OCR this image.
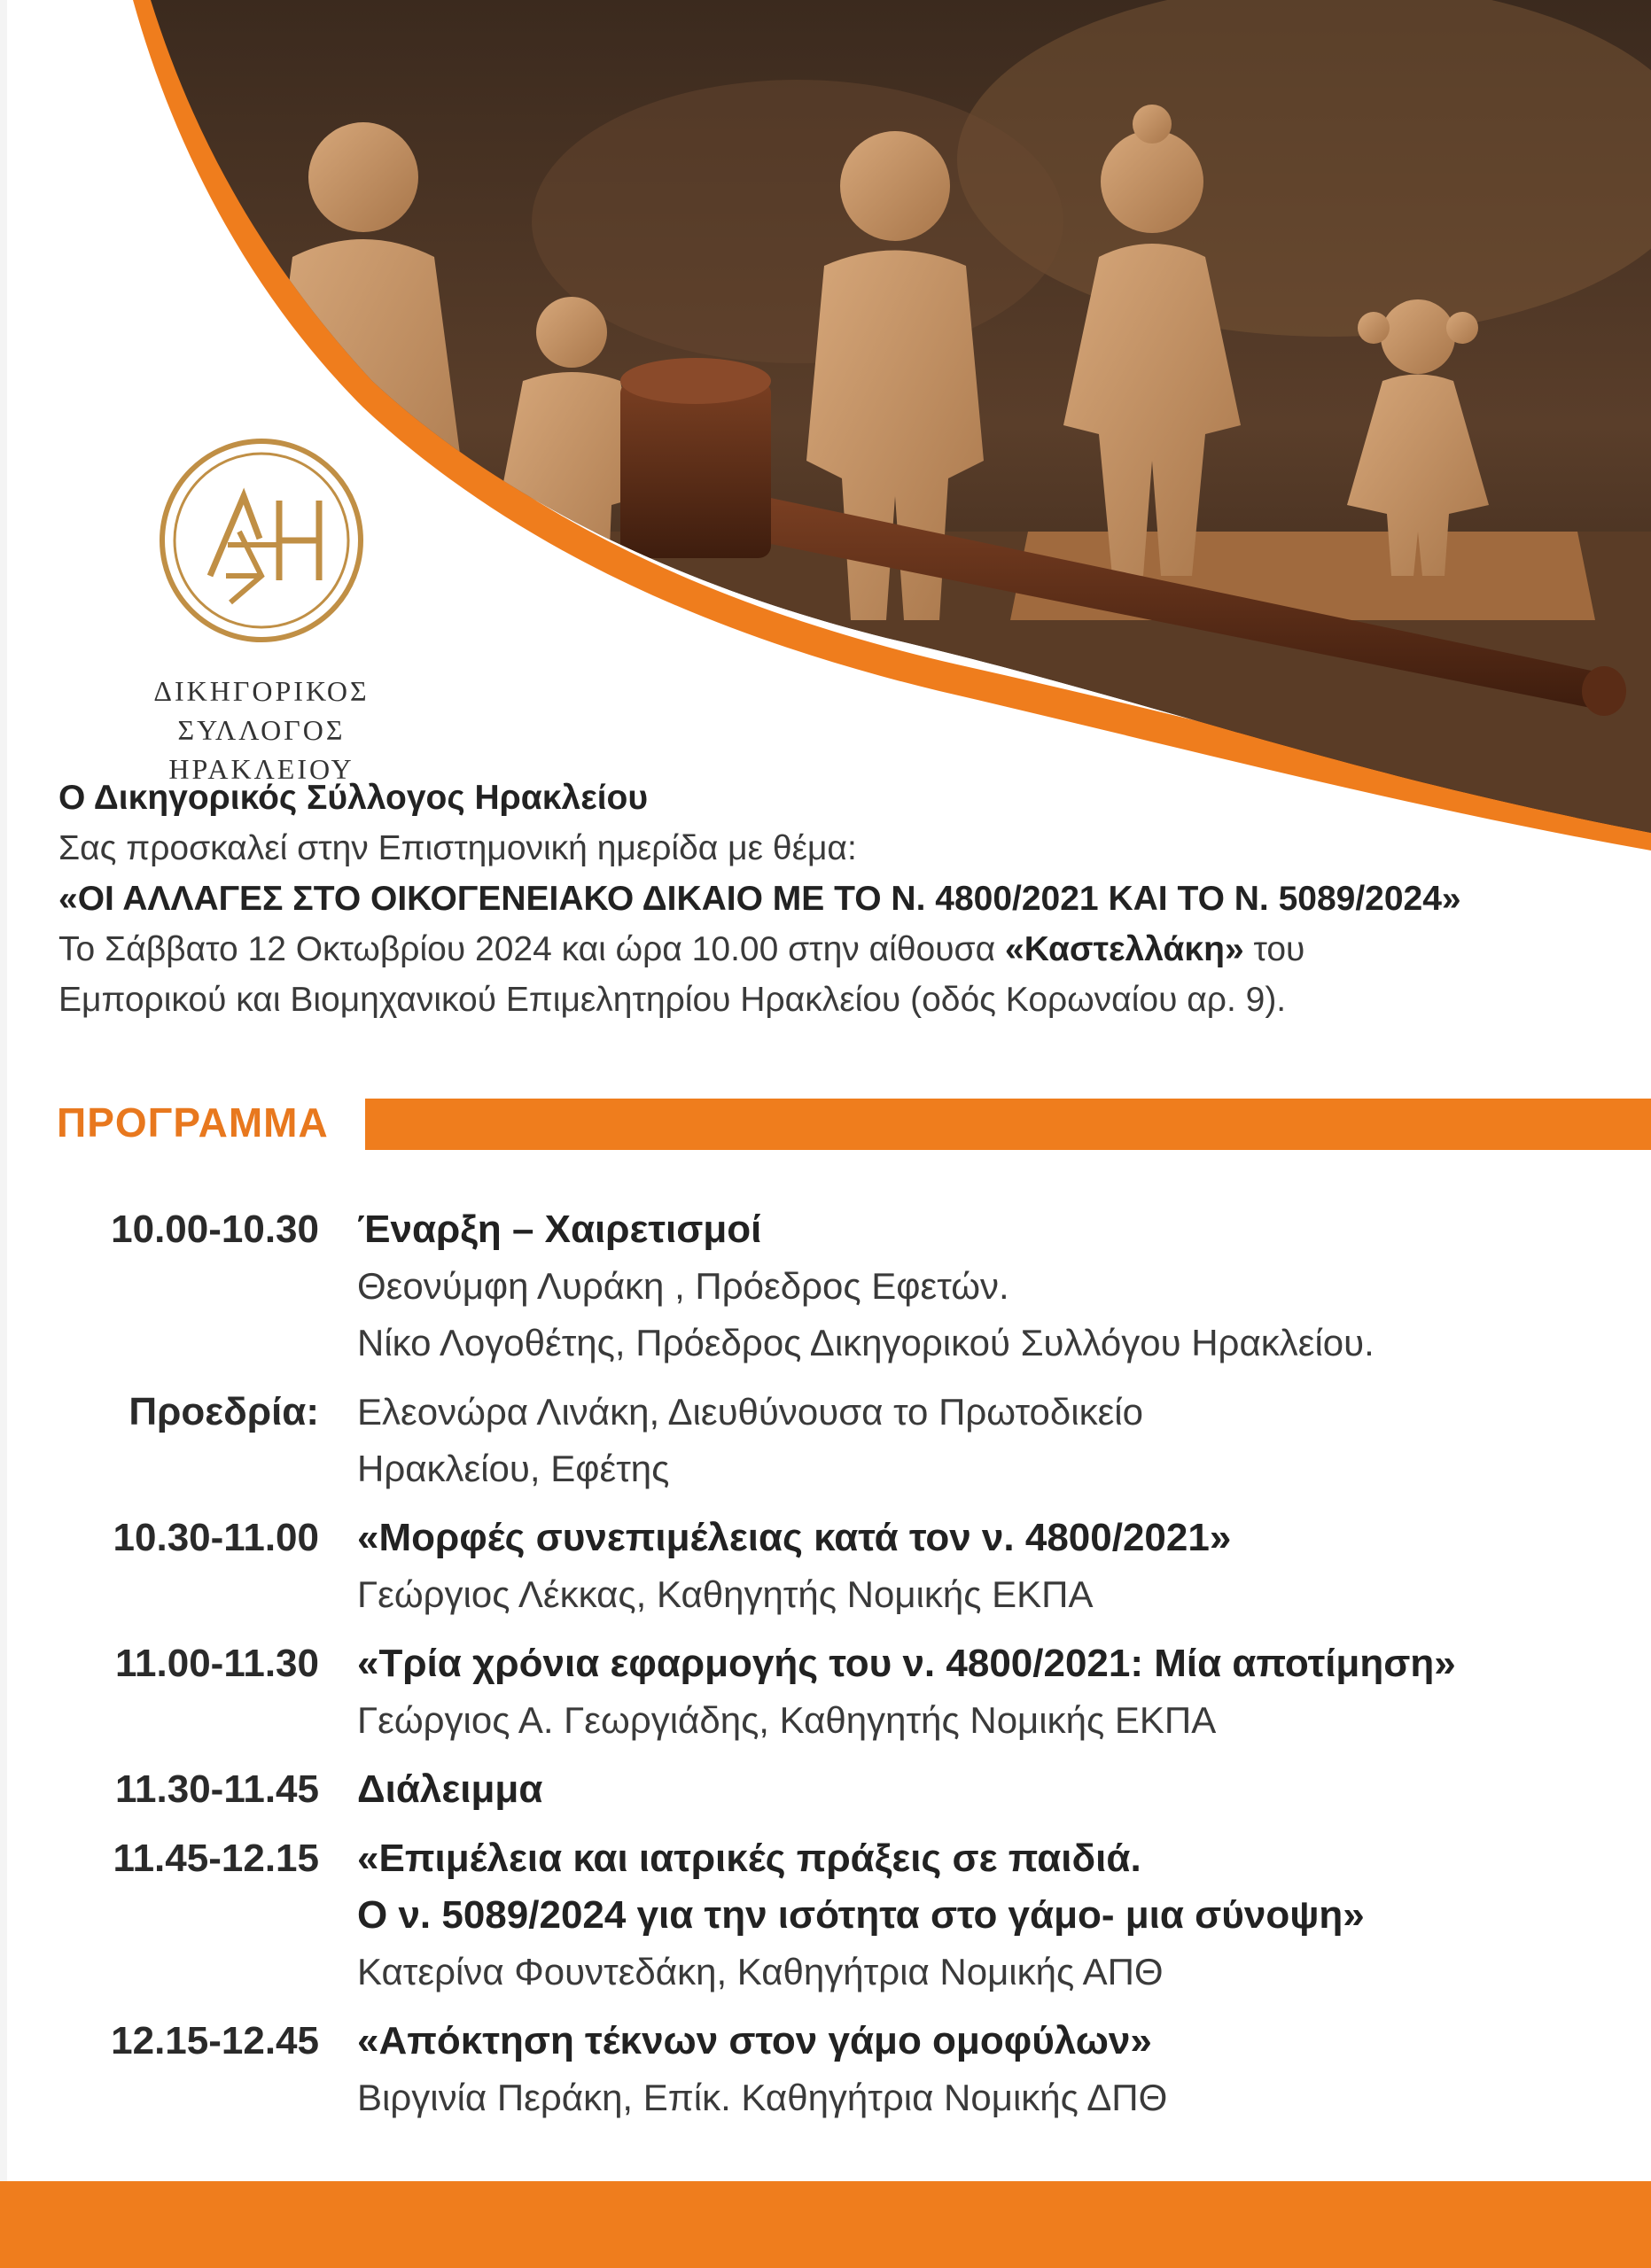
ΔΙΚΗΓΟΡΙΚΟΣ ΣΥΛΛΟΓΟΣ
ΗΡΑΚΛΕΙΟΥ
Ο Δικηγορικός Σύλλογος Ηρακλείου
Σας προσκαλεί στην Επιστημονική ημερίδα με θέμα:
«ΟΙ ΑΛΛΑΓΕΣ ΣΤΟ ΟΙΚΟΓΕΝΕΙΑΚΟ ΔΙΚΑΙΟ ΜΕ ΤΟ Ν. 4800/2021 ΚΑΙ ΤΟ Ν. 5089/2024»
Το Σάββατο 12 Οκτωβρίου 2024 και ώρα 10.00 στην αίθουσα «Καστελλάκη» του
Εμπορικού και Βιομηχανικού Επιμελητηρίου Ηρακλείου (οδός Κορωναίου αρ. 9).
ΠΡΟΓΡΑΜΜΑ
10.00-10.30 Έναρξη – Χαιρετισμοί
Θεονύμφη Λυράκη , Πρόεδρος Εφετών.
Νίκο Λογοθέτης, Πρόεδρος Δικηγορικού Συλλόγου Ηρακλείου.
Προεδρία: Ελεονώρα Λινάκη, Διευθύνουσα το Πρωτοδικείο
Ηρακλείου, Εφέτης
10.30-11.00 «Μορφές συνεπιμέλειας κατά τον ν. 4800/2021»
Γεώργιος Λέκκας, Καθηγητής Νομικής ΕΚΠΑ
11.00-11.30 «Τρία χρόνια εφαρμογής του ν. 4800/2021: Μία αποτίμηση»
Γεώργιος Α. Γεωργιάδης, Καθηγητής Νομικής ΕΚΠΑ
11.30-11.45 Διάλειμμα
11.45-12.15 «Επιμέλεια και ιατρικές πράξεις σε παιδιά.
Ο ν. 5089/2024 για την ισότητα στο γάμο- μια σύνοψη»
Κατερίνα Φουντεδάκη, Καθηγήτρια Νομικής ΑΠΘ
12.15-12.45 «Απόκτηση τέκνων στον γάμο ομοφύλων»
Βιργινία Περάκη, Επίκ. Καθηγήτρια Νομικής ΔΠΘ
